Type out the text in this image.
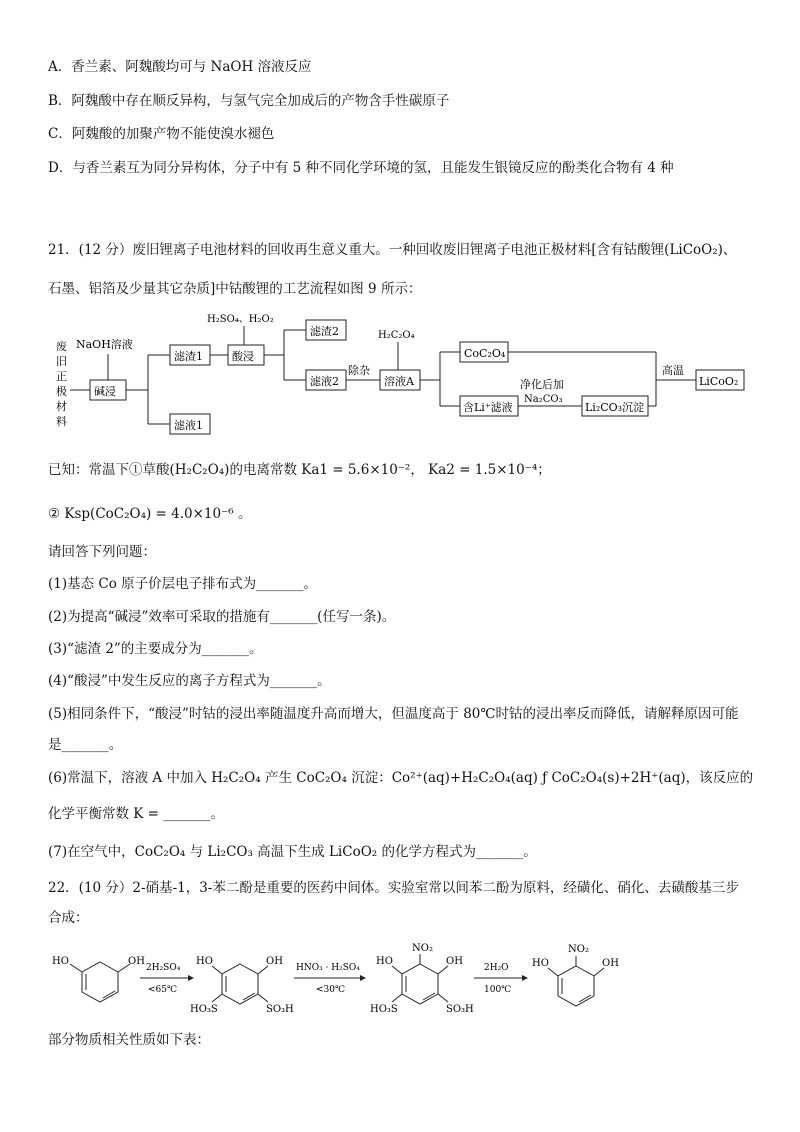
A．香兰素、阿魏酸均可与 NaOH 溶液反应
B．阿魏酸中存在顺反异构，与氢气完全加成后的产物含手性碳原子
C．阿魏酸的加聚产物不能使溴水褪色
D．与香兰素互为同分异构体，分子中有 5 种不同化学环境的氢，且能发生银镜反应的酚类化合物有 4 种
21．(12 分）废旧锂离子电池材料的回收再生意义重大。一种回收废旧锂离子电池正极材料[含有钴酸锂(LiCoO₂)、
石墨、铝箔及少量其它杂质]中钴酸锂的工艺流程如图 9 所示：
废
旧
正
极
材
料
NaOH溶液
碱浸
滤渣1
滤液1
H₂SO₄、H₂O₂
酸浸
滤渣2
滤液2
除杂
H₂C₂O₄
溶液A
CoC₂O₄
含Li⁺滤液
净化后加
Na₂CO₃
Li₂CO₃沉淀
高温
LiCoO₂
已知：常温下①草酸(H₂C₂O₄)的电离常数 Ka1 = 5.6×10⁻²， Ka2 = 1.5×10⁻⁴；
② Ksp(CoC₂O₄) = 4.0×10⁻⁶ 。
请回答下列问题：
(1)基态 Co 原子价层电子排布式为_______。
(2)为提高“碱浸”效率可采取的措施有_______(任写一条)。
(3)“滤渣 2”的主要成分为_______。
(4)“酸浸”中发生反应的离子方程式为_______。
(5)相同条件下，“酸浸”时钴的浸出率随温度升高而增大，但温度高于 80℃时钴的浸出率反而降低，请解释原因可能
是_______。
(6)常温下，溶液 A 中加入 H₂C₂O₄ 产生 CoC₂O₄ 沉淀：Co²⁺(aq)+H₂C₂O₄(aq) ƒ CoC₂O₄(s)+2H⁺(aq)，该反应的
化学平衡常数 K = _______。
(7)在空气中，CoC₂O₄ 与 Li₂CO₃ 高温下生成 LiCoO₂ 的化学方程式为_______。
22．(10 分）2-硝基-1，3-苯二酚是重要的医药中间体。实验室常以间苯二酚为原料，经磺化、硝化、去磺酸基三步
合成：
HO	OH
2H₂SO₄
<65℃
HO	OH
HO₃S	SO₃H
HNO₃ · H₂SO₄
<30℃
NO₂
HO	OH
HO₃S	SO₃H
2H₂O
100℃
NO₂
HO	OH
部分物质相关性质如下表：
